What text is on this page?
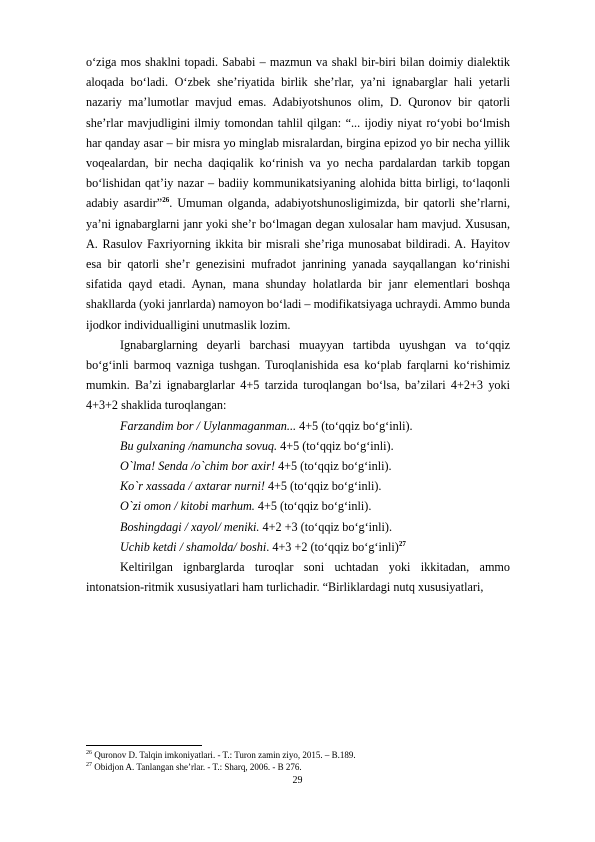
o‘ziga mos shaklni topadi. Sababi – mazmun va shakl bir-biri bilan doimiy dialektik aloqada bo‘ladi. O‘zbek she’riyatida birlik she’rlar, ya’ni ignabarglar hali yetarli nazariy ma’lumotlar mavjud emas. Adabiyotshunos olim, D. Quronov bir qatorli she’rlar mavjudligini ilmiy tomondan tahlil qilgan: “... ijodiy niyat ro‘yobi bo‘lmish har qanday asar – bir misra yo minglab misralardan, birgina epizod yo bir necha yillik voqealardan, bir necha daqiqalik ko‘rinish va yo necha pardalardan tarkib topgan bo‘lishidan qat’iy nazar – badiiy kommunikatsiyaning alohida bitta birligi, to‘laqonli adabiy asardir”$^{26}$. Umuman olganda, adabiyotshunosligimizda, bir qatorli she’rlarni, ya’ni ignabarglarni janr yoki she’r bo‘lmagan degan xulosalar ham mavjud. Xususan, A. Rasulov Faxriyorning ikkita bir misrali she’riga munosabat bildiradi. A. Hayitov esa bir qatorli she’r genezisini mufradot janrining yanada sayqallangan ko‘rinishi sifatida qayd etadi. Aynan, mana shunday holatlarda bir janr elementlari boshqa shakllarda (yoki janrlarda) namoyon bo‘ladi – modifikatsiyaga uchraydi. Ammo bunda ijodkor individualligini unutmaslik lozim.

Ignabarglarning deyarli barchasi muayyan tartibda uyushgan va to‘qqiz bo‘g‘inli barmoq vazniga tushgan. Turoqlanishida esa ko‘plab farqlarni ko‘rishimiz mumkin. Ba’zi ignabarglarlar 4+5 tarzida turoqlangan bo‘lsa, ba’zilari 4+2+3 yoki 4+3+2 shaklida turoqlangan:

Farzandim bor / Uylanmaganman... 4+5 (to‘qqiz bo‘g‘inli).

Bu gulxaning /namuncha sovuq. 4+5 (to‘qqiz bo‘g‘inli).

O`lma! Senda /o`chim bor axir! 4+5 (to‘qqiz bo‘g‘inli).

Ko`r xassada / axtarar nurni! 4+5 (to‘qqiz bo‘g‘inli).

O`zi omon / kitobi marhum. 4+5 (to‘qqiz bo‘g‘inli).

Boshingdagi / xayol/ meniki. 4+2 +3 (to‘qqiz bo‘g‘inli).

Uchib ketdi / shamolda/ boshi. 4+3 +2 (to‘qqiz bo‘g‘inli)$^{27}$

Keltirilgan ignbarglarda turoqlar soni uchtadan yoki ikkitadan, ammo intonatsion-ritmik xususiyatlari ham turlichadir. “Birliklardagi nutq xususiyatlari,

$^{26}$ Quronov D. Talqin imkoniyatlari. - T.: Turon zamin ziyo, 2015. – B.189.

$^{27}$ Obidjon A. Tanlangan she’rlar. - T.: Sharq, 2006. - B 276.

29
